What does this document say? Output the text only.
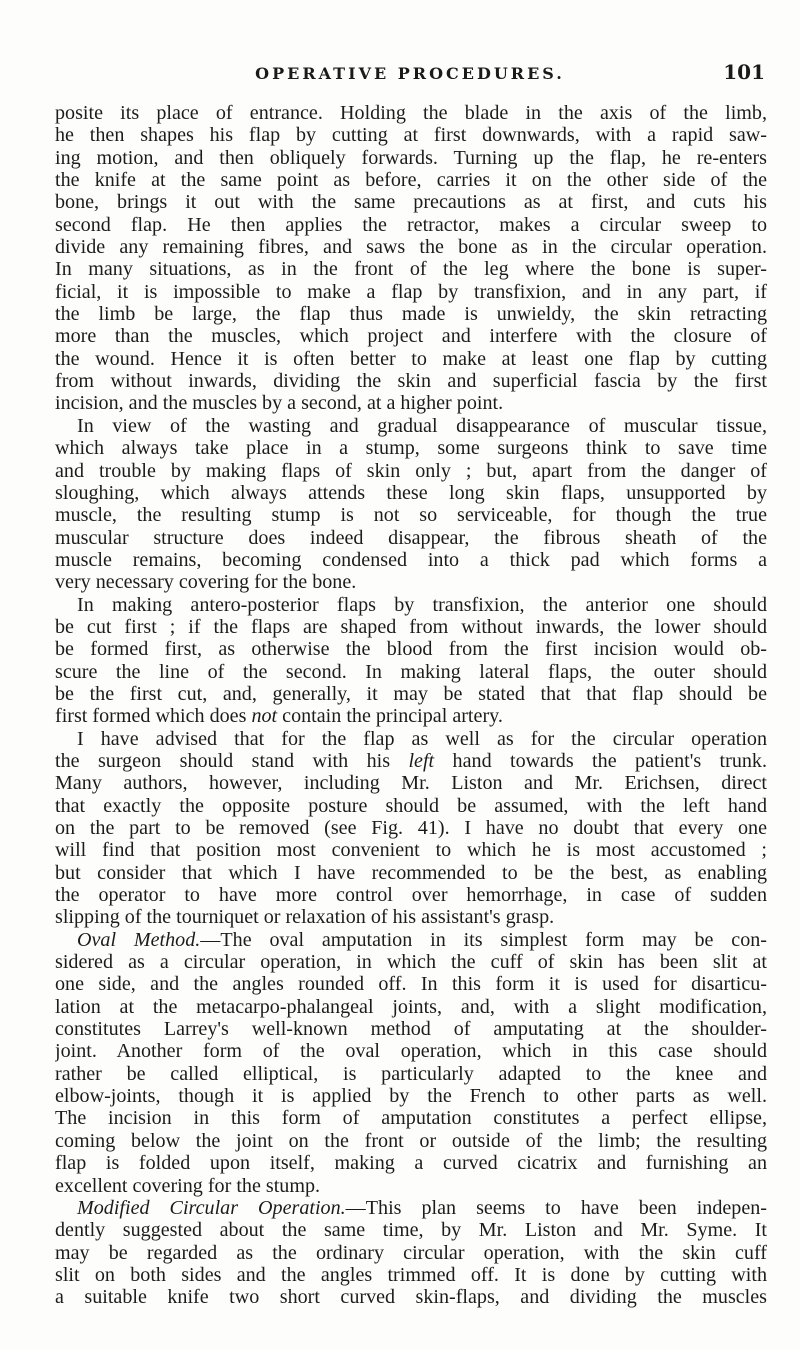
OPERATIVE PROCEDURES.	101
posite its place of entrance. Holding the blade in the axis of the limb,
he then shapes his flap by cutting at first downwards, with a rapid saw-
ing motion, and then obliquely forwards. Turning up the flap, he re-enters
the knife at the same point as before, carries it on the other side of the
bone, brings it out with the same precautions as at first, and cuts his
second flap. He then applies the retractor, makes a circular sweep to
divide any remaining fibres, and saws the bone as in the circular operation.
In many situations, as in the front of the leg where the bone is super-
ficial, it is impossible to make a flap by transfixion, and in any part, if
the limb be large, the flap thus made is unwieldy, the skin retracting
more than the muscles, which project and interfere with the closure of
the wound. Hence it is often better to make at least one flap by cutting
from without inwards, dividing the skin and superficial fascia by the first
incision, and the muscles by a second, at a higher point.
In view of the wasting and gradual disappearance of muscular tissue,
which always take place in a stump, some surgeons think to save time
and trouble by making flaps of skin only ; but, apart from the danger of
sloughing, which always attends these long skin flaps, unsupported by
muscle, the resulting stump is not so serviceable, for though the true
muscular structure does indeed disappear, the fibrous sheath of the
muscle remains, becoming condensed into a thick pad which forms a
very necessary covering for the bone.
In making antero-posterior flaps by transfixion, the anterior one should
be cut first ; if the flaps are shaped from without inwards, the lower should
be formed first, as otherwise the blood from the first incision would ob-
scure the line of the second. In making lateral flaps, the outer should
be the first cut, and, generally, it may be stated that that flap should be
first formed which does not contain the principal artery.
I have advised that for the flap as well as for the circular operation
the surgeon should stand with his left hand towards the patient's trunk.
Many authors, however, including Mr. Liston and Mr. Erichsen, direct
that exactly the opposite posture should be assumed, with the left hand
on the part to be removed (see Fig. 41). I have no doubt that every one
will find that position most convenient to which he is most accustomed ;
but consider that which I have recommended to be the best, as enabling
the operator to have more control over hemorrhage, in case of sudden
slipping of the tourniquet or relaxation of his assistant's grasp.
Oval Method.—The oval amputation in its simplest form may be con-
sidered as a circular operation, in which the cuff of skin has been slit at
one side, and the angles rounded off. In this form it is used for disarticu-
lation at the metacarpo-phalangeal joints, and, with a slight modification,
constitutes Larrey's well-known method of amputating at the shoulder-
joint. Another form of the oval operation, which in this case should
rather be called elliptical, is particularly adapted to the knee and
elbow-joints, though it is applied by the French to other parts as well.
The incision in this form of amputation constitutes a perfect ellipse,
coming below the joint on the front or outside of the limb; the resulting
flap is folded upon itself, making a curved cicatrix and furnishing an
excellent covering for the stump.
Modified Circular Operation.—This plan seems to have been indepen-
dently suggested about the same time, by Mr. Liston and Mr. Syme. It
may be regarded as the ordinary circular operation, with the skin cuff
slit on both sides and the angles trimmed off. It is done by cutting with
a suitable knife two short curved skin-flaps, and dividing the muscles
